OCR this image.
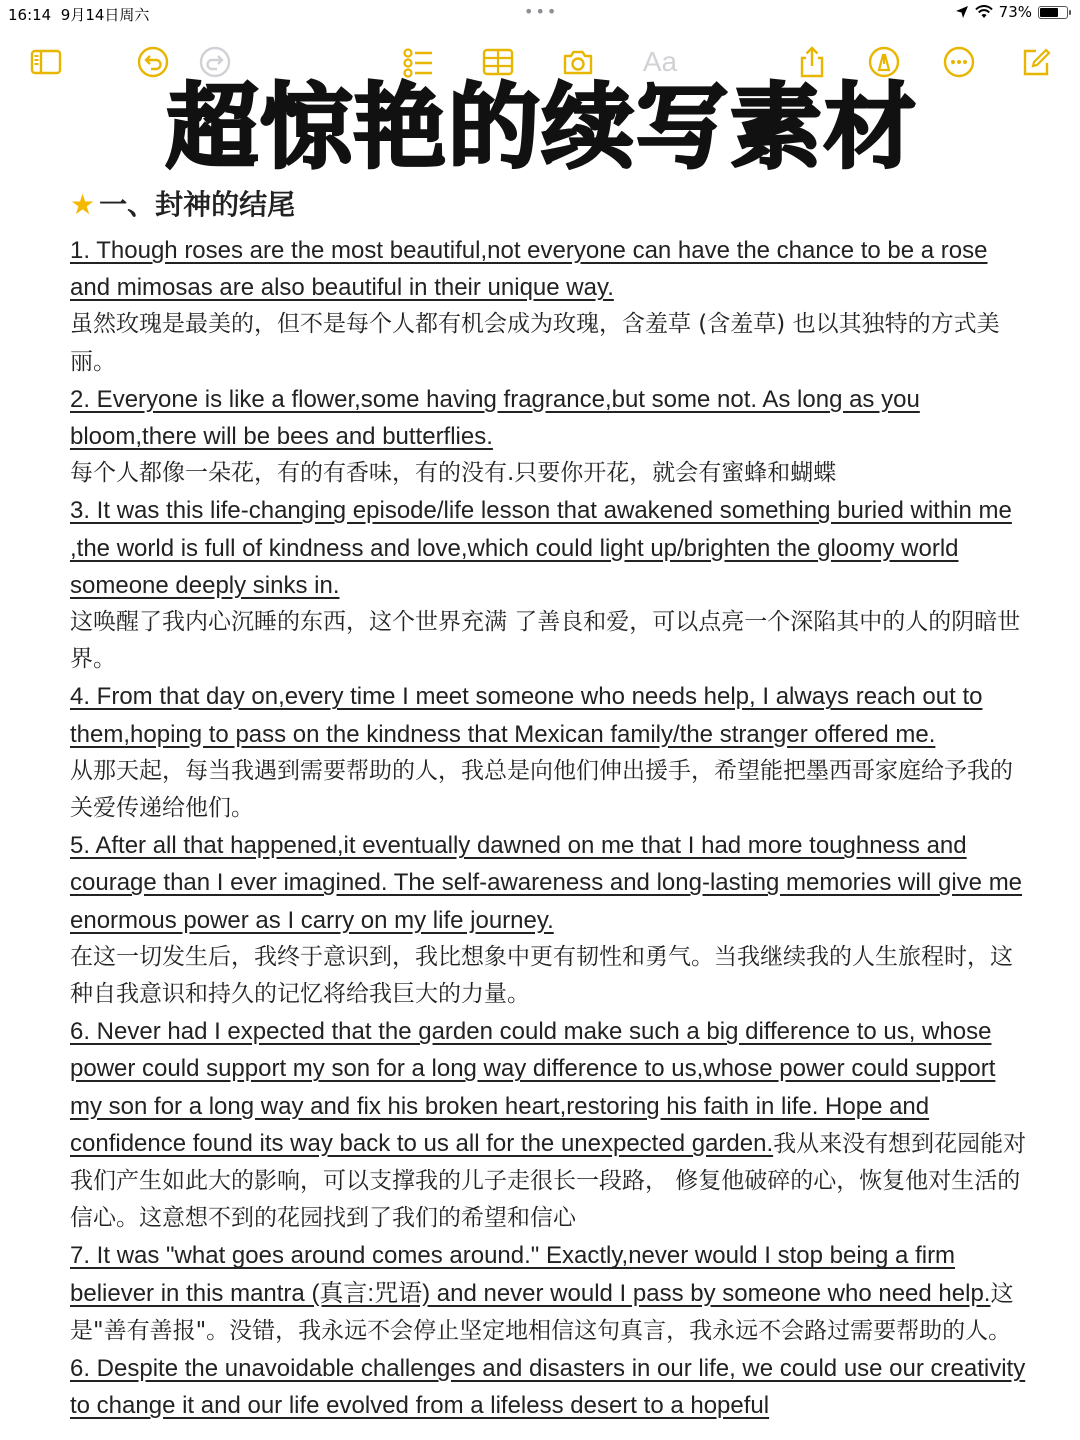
16:14 9月14日周六	•••	73%
Aa
超惊艳的续写素材
★ 一、封神的结尾

1. Though roses are the most beautiful,not everyone can have the chance to be a rose and mimosas are also beautiful in their unique way.
虽然玫瑰是最美的，但不是每个人都有机会成为玫瑰，含羞草 (含羞草) 也以其独特的方式美丽。

2. Everyone is like a flower,some having fragrance,but some not. As long as you bloom,there will be bees and butterflies.
每个人都像一朵花，有的有香味，有的没有.只要你开花，就会有蜜蜂和蝴蝶

3. It was this life-changing episode/life lesson that awakened something buried within me ,the world is full of kindness and love,which could light up/brighten the gloomy world someone deeply sinks in.
这唤醒了我内心沉睡的东西，这个世界充满 了善良和爱，可以点亮一个深陷其中的人的阴暗世界。

4. From that day on,every time I meet someone who needs help, I always reach out to them,hoping to pass on the kindness that Mexican family/the stranger offered me.
从那天起，每当我遇到需要帮助的人，我总是向他们伸出援手，希望能把墨西哥家庭给予我的关爱传递给他们。

5. After all that happened,it eventually dawned on me that I had more toughness and courage than I ever imagined. The self-awareness and long-lasting memories will give me enormous power as I carry on my life journey.
在这一切发生后，我终于意识到，我比想象中更有韧性和勇气。当我继续我的人生旅程时，这 种自我意识和持久的记忆将给我巨大的力量。

6. Never had I expected that the garden could make such a big difference to us, whose power could support my son for a long way difference to us,whose power could support my son for a long way and fix his broken heart,restoring his faith in life. Hope and confidence found its way back to us all for the unexpected garden.我从来没有想到花园能对我们产生如此大的影响，可以支撑我的儿子走很长一段路， 修复他破碎的心，恢复他对生活的信心。这意想不到的花园找到了我们的希望和信心

7. It was "what goes around comes around." Exactly,never would I stop being a firm believer in this mantra (真言:咒语) and never would I pass by someone who need help.这是"善有善报"。没错，我永远不会停止坚定地相信这句真言，我永远不会路过需要帮助的人。

6. Despite the unavoidable challenges and disasters in our life, we could use our creativity to change it and our life evolved from a lifeless desert to a hopeful
